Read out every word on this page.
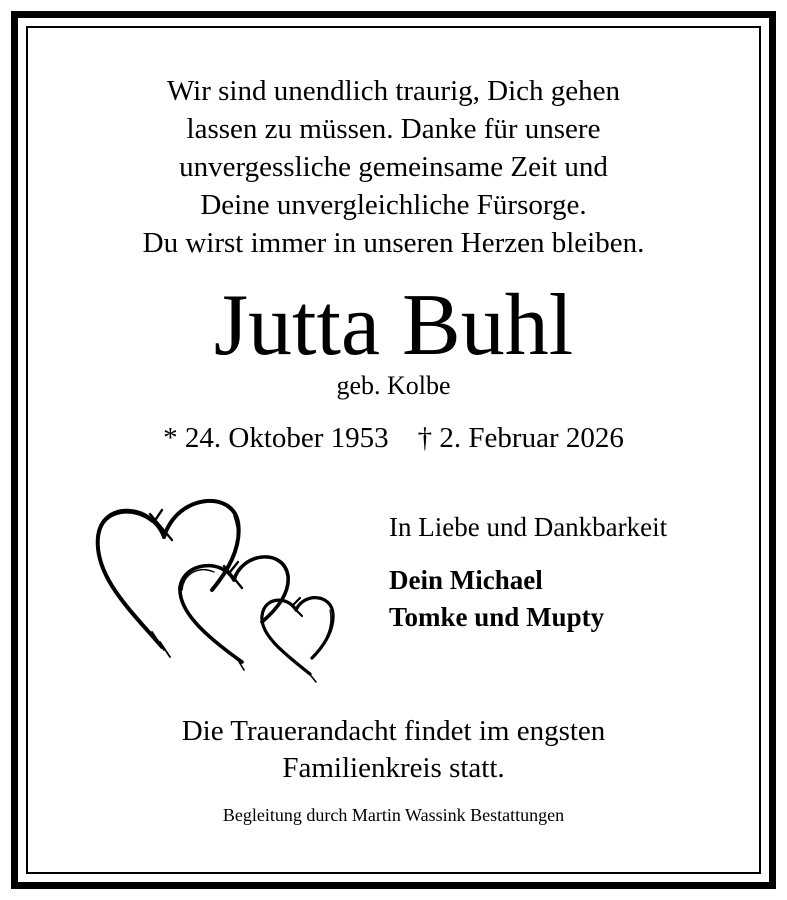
Wir sind unendlich traurig, Dich gehen
lassen zu müssen. Danke für unsere
unvergessliche gemeinsame Zeit und
Deine unvergleichliche Fürsorge.
Du wirst immer in unseren Herzen bleiben.
Jutta Buhl
geb. Kolbe
* 24. Oktober 1953 † 2. Februar 2026
In Liebe und Dankbarkeit
Dein Michael
Tomke und Mupty
Die Trauerandacht findet im engsten
Familienkreis statt.
Begleitung durch Martin Wassink Bestattungen
